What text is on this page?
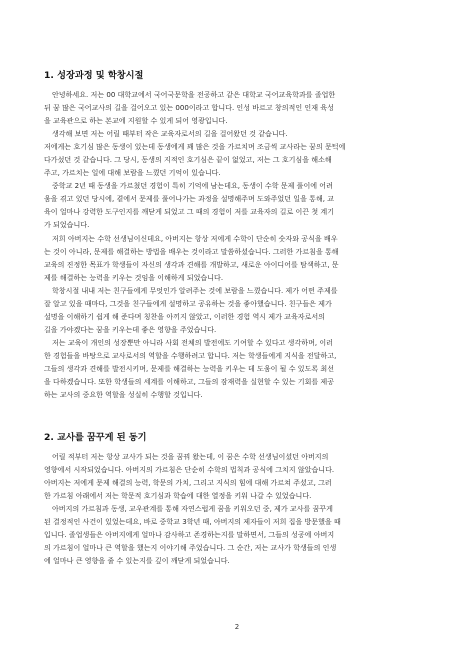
1. 성장과정 및 학창시절

안녕하세요. 저는 00 대학교에서 국어국문학을 전공하고 같은 대학교 국어교육학과를 졸업한
뒤 꿈 많은 국어교사의 길을 걸어오고 있는 000이라고 합니다. 인성 바르고 창의적인 인재 육성
을 교육관으로 하는 본교에 지원할 수 있게 되어 영광입니다.

생각해 보면 저는 어릴 때부터 작은 교육자로서의 길을 걸어왔던 것 같습니다.
저에게는 호기심 많은 동생이 있는데 동생에게 꽤 많은 것을 가르치며 조금씩 교사라는 꿈의 문턱에
다가섰던 것 같습니다. 그 당시, 동생의 지적인 호기심은 끝이 없었고, 저는 그 호기심을 해소해
주고, 가르치는 일에 대해 보람을 느꼈던 기억이 있습니다.

중학교 2년 때 동생을 가르쳤던 경험이 특히 기억에 남는데요, 동생이 수학 문제 풀이에 어려
움을 겪고 있던 당시에, 곁에서 문제를 풀어나가는 과정을 설명해주며 도와주었던 일을 통해, 교
육이 얼마나 강력한 도구인지를 깨닫게 되었고 그 때의 경험이 저를 교육자의 길로 이끈 첫 계기
가 되었습니다.

저희 아버지는 수학 선생님이신데요, 아버지는 항상 저에게 수학이 단순히 숫자와 공식을 배우
는 것이 아니라, 문제를 해결하는 방법을 배우는 것이라고 말씀하셨습니다. 그러한 가르침을 통해
교육의 진정한 목표가 학생들이 자신의 생각과 견해를 개발하고, 새로운 아이디어를 탐색하고, 문
제를 해결하는 능력을 키우는 것임을 이해하게 되었습니다.

학창시절 내내 저는 친구들에게 무엇인가 알려주는 것에 보람을 느꼈습니다. 제가 어떤 주제를
잘 알고 있을 때마다, 그것을 친구들에게 설명하고 공유하는 것을 좋아했습니다. 친구들은 제가
설명을 이해하기 쉽게 해 준다며 칭찬을 아끼지 않았고, 이러한 경험 역시 제가 교육자로서의
길을 가야겠다는 꿈을 키우는데 좋은 영향을 주었습니다.

저는 교육이 개인의 성장뿐만 아니라 사회 전체의 발전에도 기여할 수 있다고 생각하며, 이러
한 경험들을 바탕으로 교사로서의 역할을 수행하려고 합니다. 저는 학생들에게 지식을 전달하고,
그들의 생각과 견해를 발전시키며, 문제를 해결하는 능력을 키우는 데 도움이 될 수 있도록 최선
을 다하겠습니다. 또한 학생들의 세계를 이해하고, 그들의 잠재력을 실현할 수 있는 기회를 제공
하는 교사의 중요한 역할을 성실히 수행할 것입니다.

2. 교사를 꿈꾸게 된 동기

어릴 적부터 저는 항상 교사가 되는 것을 꿈꿔 왔는데, 이 꿈은 수학 선생님이셨던 아버지의
영향에서 시작되었습니다. 아버지의 가르침은 단순히 수학의 법칙과 공식에 그치지 않았습니다.
아버지는 저에게 문제 해결의 능력, 학문의 가치, 그리고 지식의 힘에 대해 가르쳐 주셨고, 그러
한 가르침 아래에서 저는 학문적 호기심과 학습에 대한 열정을 키워 나갈 수 있었습니다.

아버지의 가르침과 동생, 교우관계를 통해 자연스럽게 꿈을 키워오던 중, 제가 교사를 꿈꾸게
된 결정적인 사건이 있었는데요, 바로 중학교 3학년 때, 아버지의 제자들이 저희 집을 방문했을 때
입니다. 졸업생들은 아버지에게 얼마나 감사하고 존경하는지를 말하면서, 그들의 성공에 아버지
의 가르침이 얼마나 큰 역할을 했는지 이야기해 주었습니다. 그 순간, 저는 교사가 학생들의 인생
에 얼마나 큰 영향을 줄 수 있는지를 깊이 깨닫게 되었습니다.

2
